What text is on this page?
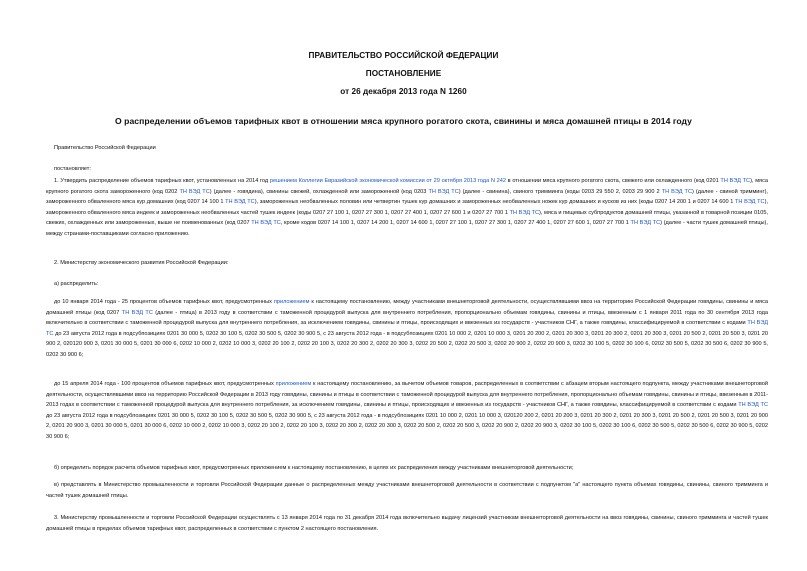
ПРАВИТЕЛЬСТВО РОССИЙСКОЙ ФЕДЕРАЦИИ
ПОСТАНОВЛЕНИЕ
от 26 декабря 2013 года N 1260
О распределении объемов тарифных квот в отношении мяса крупного рогатого скота, свинины и мяса домашней птицы в 2014 году
Правительство Российской Федерации
постановляет:
1. Утвердить распределение объемов тарифных квот, установленных на 2014 год решением Коллегии Евразийской экономической комиссии от 29 октября 2013 года N 242 в отношении мяса крупного рогатого скота, свежего или охлажденного (код 0201 ТН ВЭД ТС), мяса крупного рогатого скота замороженного (код 0202 ТН ВЭД ТС) (далее - говядина), свинины свежей, охлажденной или замороженной (код 0203 ТН ВЭД ТС) (далее - свинина), свиного тримминга (коды 0203 29 550 2, 0203 29 900 2 ТН ВЭД ТС) (далее - свиной тримминг), замороженного обваленного мяса кур домашних (код 0207 14 100 1 ТН ВЭД ТС), замороженных необваленных половин или четвертин тушек кур домашних и замороженных необваленных ножек кур домашних и кусков из них (коды 0207 14 200 1 и 0207 14 600 1 ТН ВЭД ТС), замороженного обваленного мяса индеек и замороженных необваленных частей тушек индеек (коды 0207 27 100 1, 0207 27 300 1, 0207 27 400 1, 0207 27 600 1 и 0207 27 700 1 ТН ВЭД ТС), мяса и пищевых субпродуктов домашней птицы, указанной в товарной позиции 0105, свежих, охлажденных или замороженных, выше не поименованных (код 0207 ТН ВЭД ТС, кроме кодов 0207 14 100 1, 0207 14 200 1, 0207 14 600 1, 0207 27 100 1, 0207 27 300 1, 0207 27 400 1, 0207 27 600 1, 0207 27 700 1 ТН ВЭД ТС) (далее - части тушек домашней птицы), между странами-поставщиками согласно приложению.
2. Министерству экономического развития Российской Федерации:
а) распределить:
до 10 января 2014 года - 25 процентов объемов тарифных квот, предусмотренных приложением к настоящему постановлению, между участниками внешнеторговой деятельности, осуществлявшими ввоз на территорию Российской Федерации говядины, свинины и мяса домашней птицы (код 0207 ТН ВЭД ТС (далее - птица) в 2013 году в соответствии с таможенной процедурой выпуска для внутреннего потребления, пропорционально объемам говядины, свинины и птицы, ввезенным с 1 января 2011 года по 30 сентября 2013 года включительно в соответствии с таможенной процедурой выпуска для внутреннего потребления, за исключением говядины, свинины и птицы, происходящих и ввезенных из государств - участников СНГ, а также говядины, классифицируемой в соответствии с кодами ТН ВЭД ТС до 23 августа 2012 года в подсубпозициях 0201 30 000 5, 0202 30 100 5, 0202 30 500 5, 0202 30 900 5, с 23 августа 2012 года - в подсубпозициях 0201 10 000 2, 0201 10 000 3, 0201 20 200 2, 0201 20 300 3, 0201 20 300 2, 0201 20 300 3, 0201 20 500 2, 0201 20 500 3, 0201 20 900 2, 020120 900 3, 0201 30 000 5, 0201 30 000 6, 0202 10 000 2, 0202 10 000 3, 0202 20 100 2, 0202 20 100 3, 0202 20 300 2, 0202 20 300 3, 0202 20 500 2, 0202 20 500 3, 0202 20 900 2, 0202 20 900 3, 0202 30 100 5, 0202 30 100 6, 0202 30 500 5, 0202 30 500 6, 0202 30 900 5, 0202 30 900 6;
до 15 апреля 2014 года - 100 процентов объемов тарифных квот, предусмотренных приложением к настоящему постановлению, за вычетом объемов товаров, распределенных в соответствии с абзацем вторым настоящего подпункта, между участниками внешнеторговой деятельности, осуществлявшими ввоз на территорию Российской Федерации в 2013 году говядины, свинины и птицы в соответствии с таможенной процедурой выпуска для внутреннего потребления, пропорционально объемам говядины, свинины и птицы, ввезенным в 2011-2013 годах в соответствии с таможенной процедурой выпуска для внутреннего потребления, за исключением говядины, свинины и птицы, происходящих и ввезенных из государств - участников СНГ, а также говядины, классифицируемой в соответствии с кодами ТН ВЭД ТС до 23 августа 2012 года в подсубпозициях 0201 30 000 5, 0202 30 100 5, 0202 30 500 5, 0202 30 900 5, с 23 августа 2012 года - в подсубпозициях 0201 10 000 2, 0201 10 000 3, 020120 200 2, 0201 20 200 3, 0201 20 300 2, 0201 20 300 3, 0201 20 500 2, 0201 20 500 3, 0201 20 900 2, 0201 20 900 3, 0201 30 000 5, 0201 30 000 6, 0202 10 000 2, 0202 10 000 3, 0202 20 100 2, 0202 20 100 3, 0202 20 300 2, 0202 20 300 3, 0202 20 500 2, 0202 20 500 3, 0202 20 900 2, 0202 20 900 3, 0202 30 100 5, 0202 30 100 6, 0202 30 500 5, 0202 30 500 6, 0202 30 900 5, 0202 30 900 6;
б) определить порядок расчета объемов тарифных квот, предусмотренных приложением к настоящему постановлению, в целях их распределения между участниками внешнеторговой деятельности;
в) представлять в Министерство промышленности и торговли Российской Федерации данные о распределенных между участниками внешнеторговой деятельности в соответствии с подпунктом "а" настоящего пункта объемах говядины, свинины, свиного тримминга и частей тушек домашней птицы.
3. Министерству промышленности и торговли Российской Федерации осуществлять с 13 января 2014 года по 31 декабря 2014 года включительно выдачу лицензий участникам внешнеторговой деятельности на ввоз говядины, свинины, свиного тримминга и частей тушек домашней птицы в пределах объемов тарифных квот, распределенных в соответствии с пунктом 2 настоящего постановления.
